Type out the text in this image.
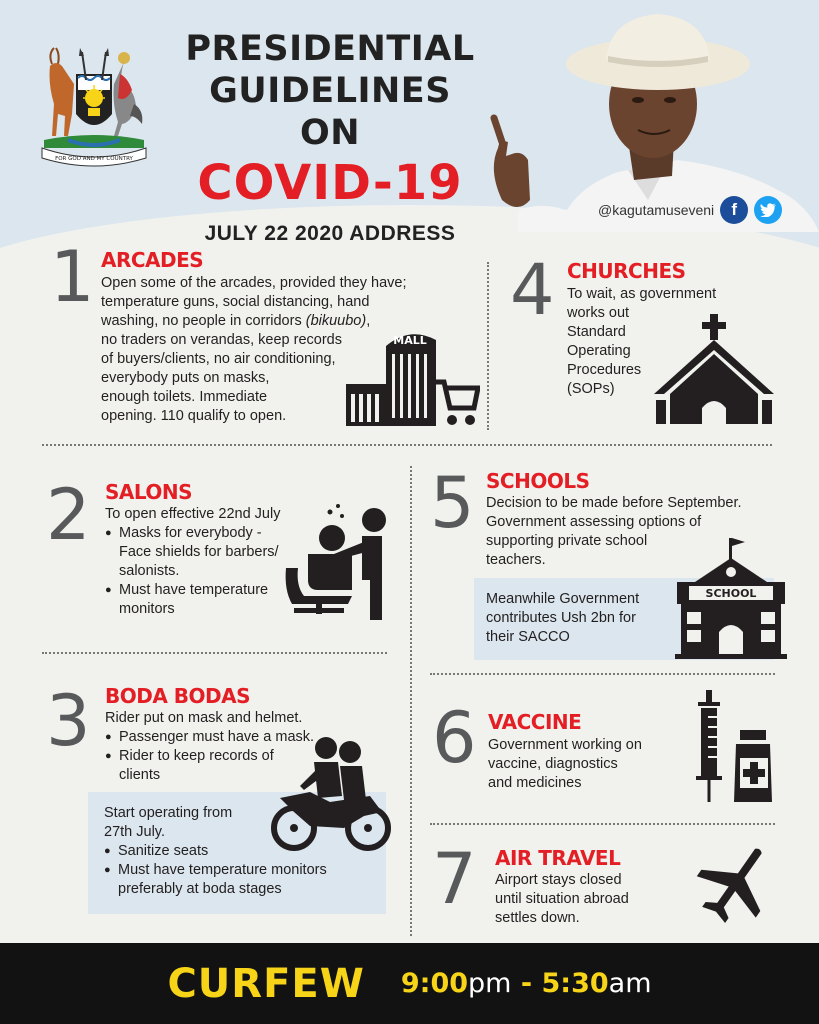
FOR GOD AND MY COUNTRY
PRESIDENTIAL
GUIDELINES ON
COVID-19
JULY 22 2020 ADDRESS
@kagutamuseveni	f
1 ARCADES

Open some of the arcades, provided they have;

temperature guns, social distancing, hand

washing, no people in corridors (bikuubo),

no traders on verandas, keep records

of buyers/clients, no air conditioning,

everybody puts on masks,

enough toilets. Immediate

opening. 110 qualify to open.

MALL
4 CHURCHES

To wait, as government

works out

Standard

Operating

Procedures

(SOPs)

2 SALONS

To open effective 22nd July

● Masks for everybody -

Face shields for barbers/

salonists.

● Must have temperature

monitors

5 SCHOOLS

Decision to be made before September.

Government assessing options of

supporting private school

teachers.

Meanwhile Government

contributes Ush 2bn for

their SACCO

SCHOOL
3 BODA BODAS

Rider put on mask and helmet.

● Passenger must have a mask.

● Rider to keep records of

clients

Start operating from

27th July.

● Sanitize seats

● Must have temperature monitors

preferably at boda stages

6 VACCINE

Government working on

vaccine, diagnostics

and medicines

7 AIR TRAVEL

Airport stays closed

until situation abroad

settles down.

CURFEW 9:00pm - 5:30am
